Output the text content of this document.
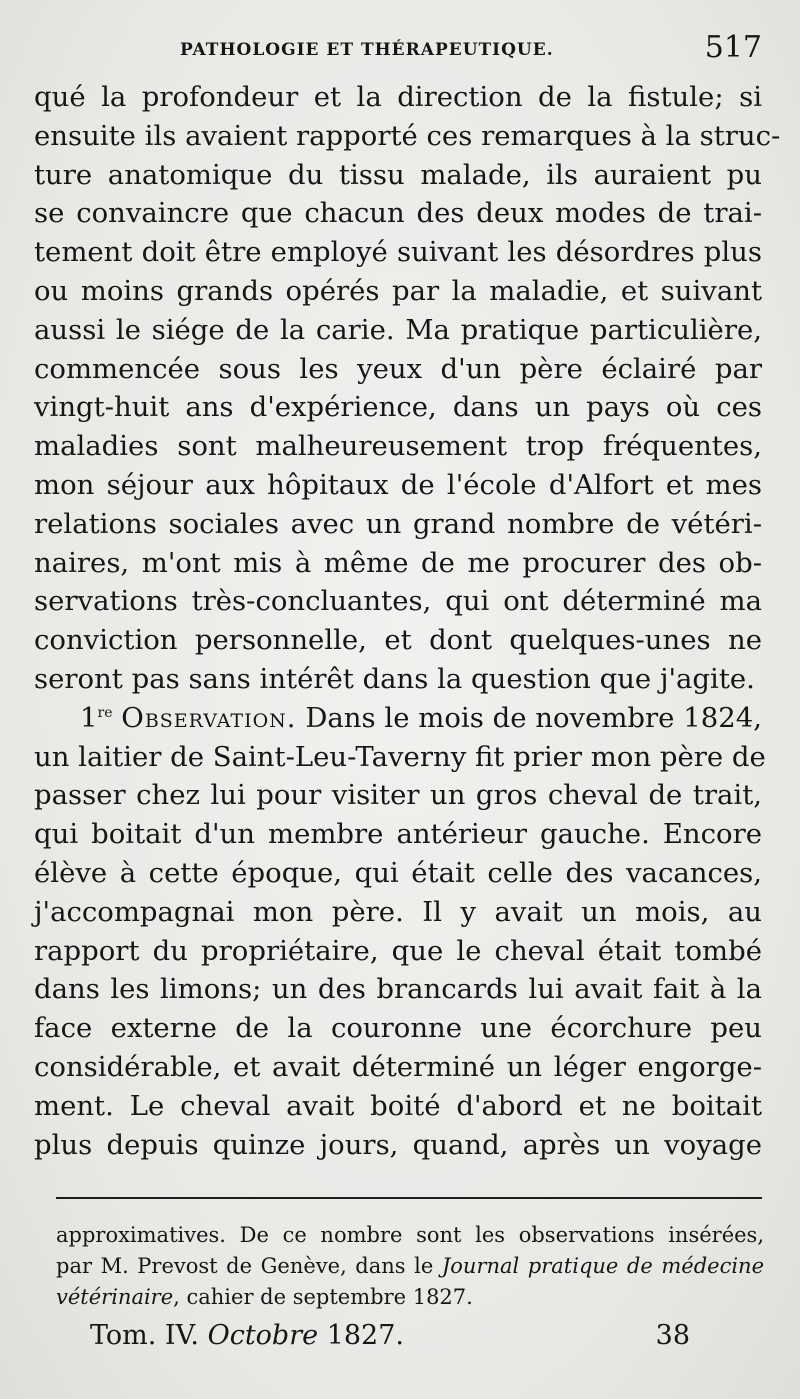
PATHOLOGIE ET THÉRAPEUTIQUE.	517
qué la profondeur et la direction de la fistule; si
ensuite ils avaient rapporté ces remarques à la struc-
ture anatomique du tissu malade, ils auraient pu
se convaincre que chacun des deux modes de trai-
tement doit être employé suivant les désordres plus
ou moins grands opérés par la maladie, et suivant
aussi le siége de la carie. Ma pratique particulière,
commencée sous les yeux d'un père éclairé par
vingt-huit ans d'expérience, dans un pays où ces
maladies sont malheureusement trop fréquentes,
mon séjour aux hôpitaux de l'école d'Alfort et mes
relations sociales avec un grand nombre de vétéri-
naires, m'ont mis à même de me procurer des ob-
servations très-concluantes, qui ont déterminé ma
conviction personnelle, et dont quelques-unes ne
seront pas sans intérêt dans la question que j'agite.
1re Observation. Dans le mois de novembre 1824,
un laitier de Saint-Leu-Taverny fit prier mon père de
passer chez lui pour visiter un gros cheval de trait,
qui boitait d'un membre antérieur gauche. Encore
élève à cette époque, qui était celle des vacances,
j'accompagnai mon père. Il y avait un mois, au
rapport du propriétaire, que le cheval était tombé
dans les limons; un des brancards lui avait fait à la
face externe de la couronne une écorchure peu
considérable, et avait déterminé un léger engorge-
ment. Le cheval avait boité d'abord et ne boitait
plus depuis quinze jours, quand, après un voyage
approximatives. De ce nombre sont les observations insérées,
par M. Prevost de Genève, dans le Journal pratique de médecine
vétérinaire, cahier de septembre 1827.
Tom. IV. Octobre 1827.	38
